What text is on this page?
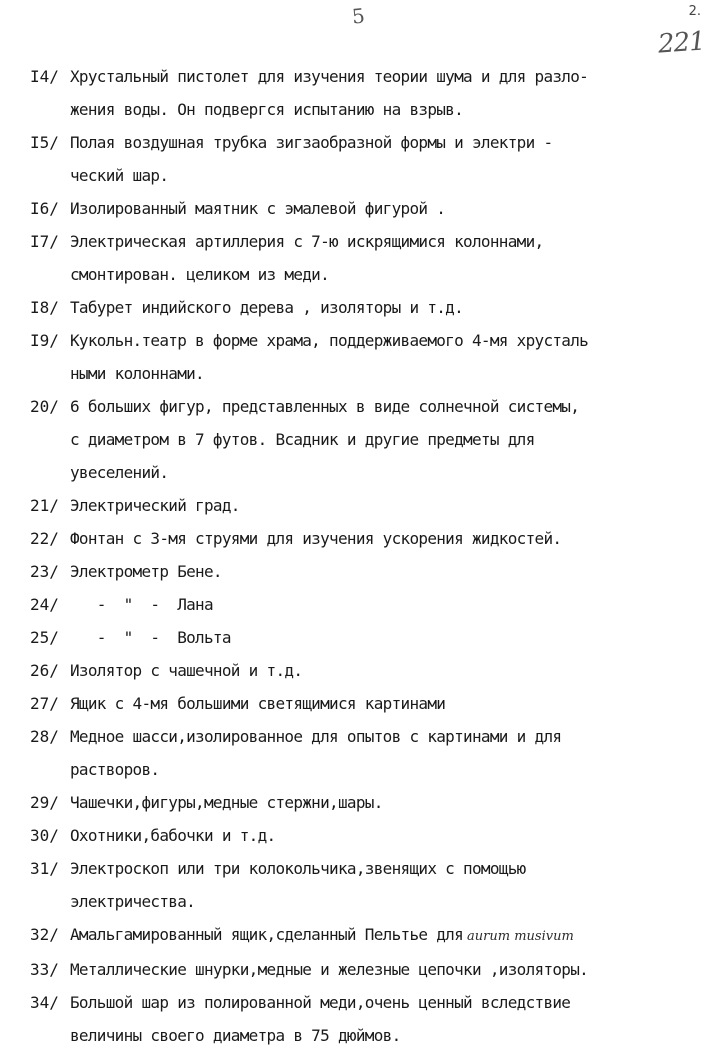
5	2.
221
I4/ Хрустальный пистолет для изучения теории шума и для разло-
жения воды. Он подвергся испытанию на взрыв.
I5/ Полая воздушная трубка зигзаобразной формы и электри -
ческий шар.
I6/ Изолированный маятник с эмалевой фигурой .
I7/ Электрическая артиллерия с 7-ю искрящимися колоннами,
смонтирован. целиком из меди.
I8/ Табурет индийского дерева , изоляторы и т.д.
I9/ Кукольн.театр в форме храма, поддерживаемого 4-мя хрусталь
ными колоннами.
20/ 6 больших фигур, представленных в виде солнечной системы,
с диаметром в 7 футов. Всадник и другие предметы для
увеселений.
21/ Электрический град.
22/ Фонтан с 3-мя струями для изучения ускорения жидкостей.
23/ Электрометр Бене.
24/ -  "  -  Лана
25/ -  "  -  Вольта
26/ Изолятор с чашечной и т.д.
27/ Ящик с 4-мя большими светящимися картинами
28/ Медное шасси,изолированное для опытов с картинами и для
растворов.
29/ Чашечки,фигуры,медные стержни,шары.
30/ Охотники,бабочки и т.д.
31/ Электроскоп или три колокольчика,звенящих с помощью
электричества.
32/ Амальгамированный ящик,сделанный Пельтье для aurum musivum
33/ Металлические шнурки,медные и железные цепочки ,изоляторы.
34/ Большой шар из полированной меди,очень ценный вследствие
величины своего диаметра в 75 дюймов.
